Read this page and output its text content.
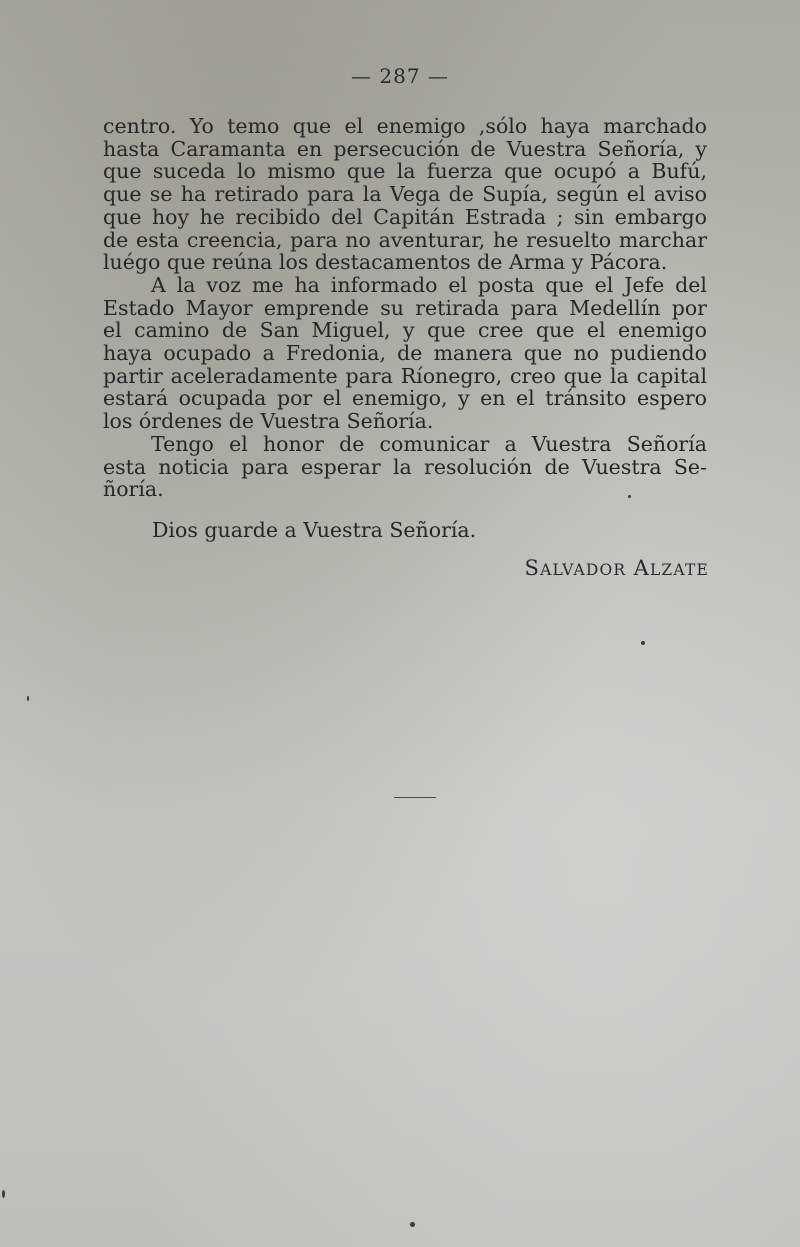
— 287 —
centro. Yo temo que el enemigo ,sólo haya marchado
hasta Caramanta en persecución de Vuestra Señoría, y
que suceda lo mismo que la fuerza que ocupó a Bufú,
que se ha retirado para la Vega de Supía, según el aviso
que hoy he recibido del Capitán Estrada ; sin embargo
de esta creencia, para no aventurar, he resuelto marchar
luégo que reúna los destacamentos de Arma y Pácora.
A la voz me ha informado el posta que el Jefe del
Estado Mayor emprende su retirada para Medellín por
el camino de San Miguel, y que cree que el enemigo
haya ocupado a Fredonia, de manera que no pudiendo
partir aceleradamente para Ríonegro, creo que la capital
estará ocupada por el enemigo, y en el tránsito espero
los órdenes de Vuestra Señoría.
Tengo el honor de comunicar a Vuestra Señoría
esta noticia para esperar la resolución de Vuestra Se-
ñoría.
Dios guarde a Vuestra Señoría.
SALVADOR ALZATE
